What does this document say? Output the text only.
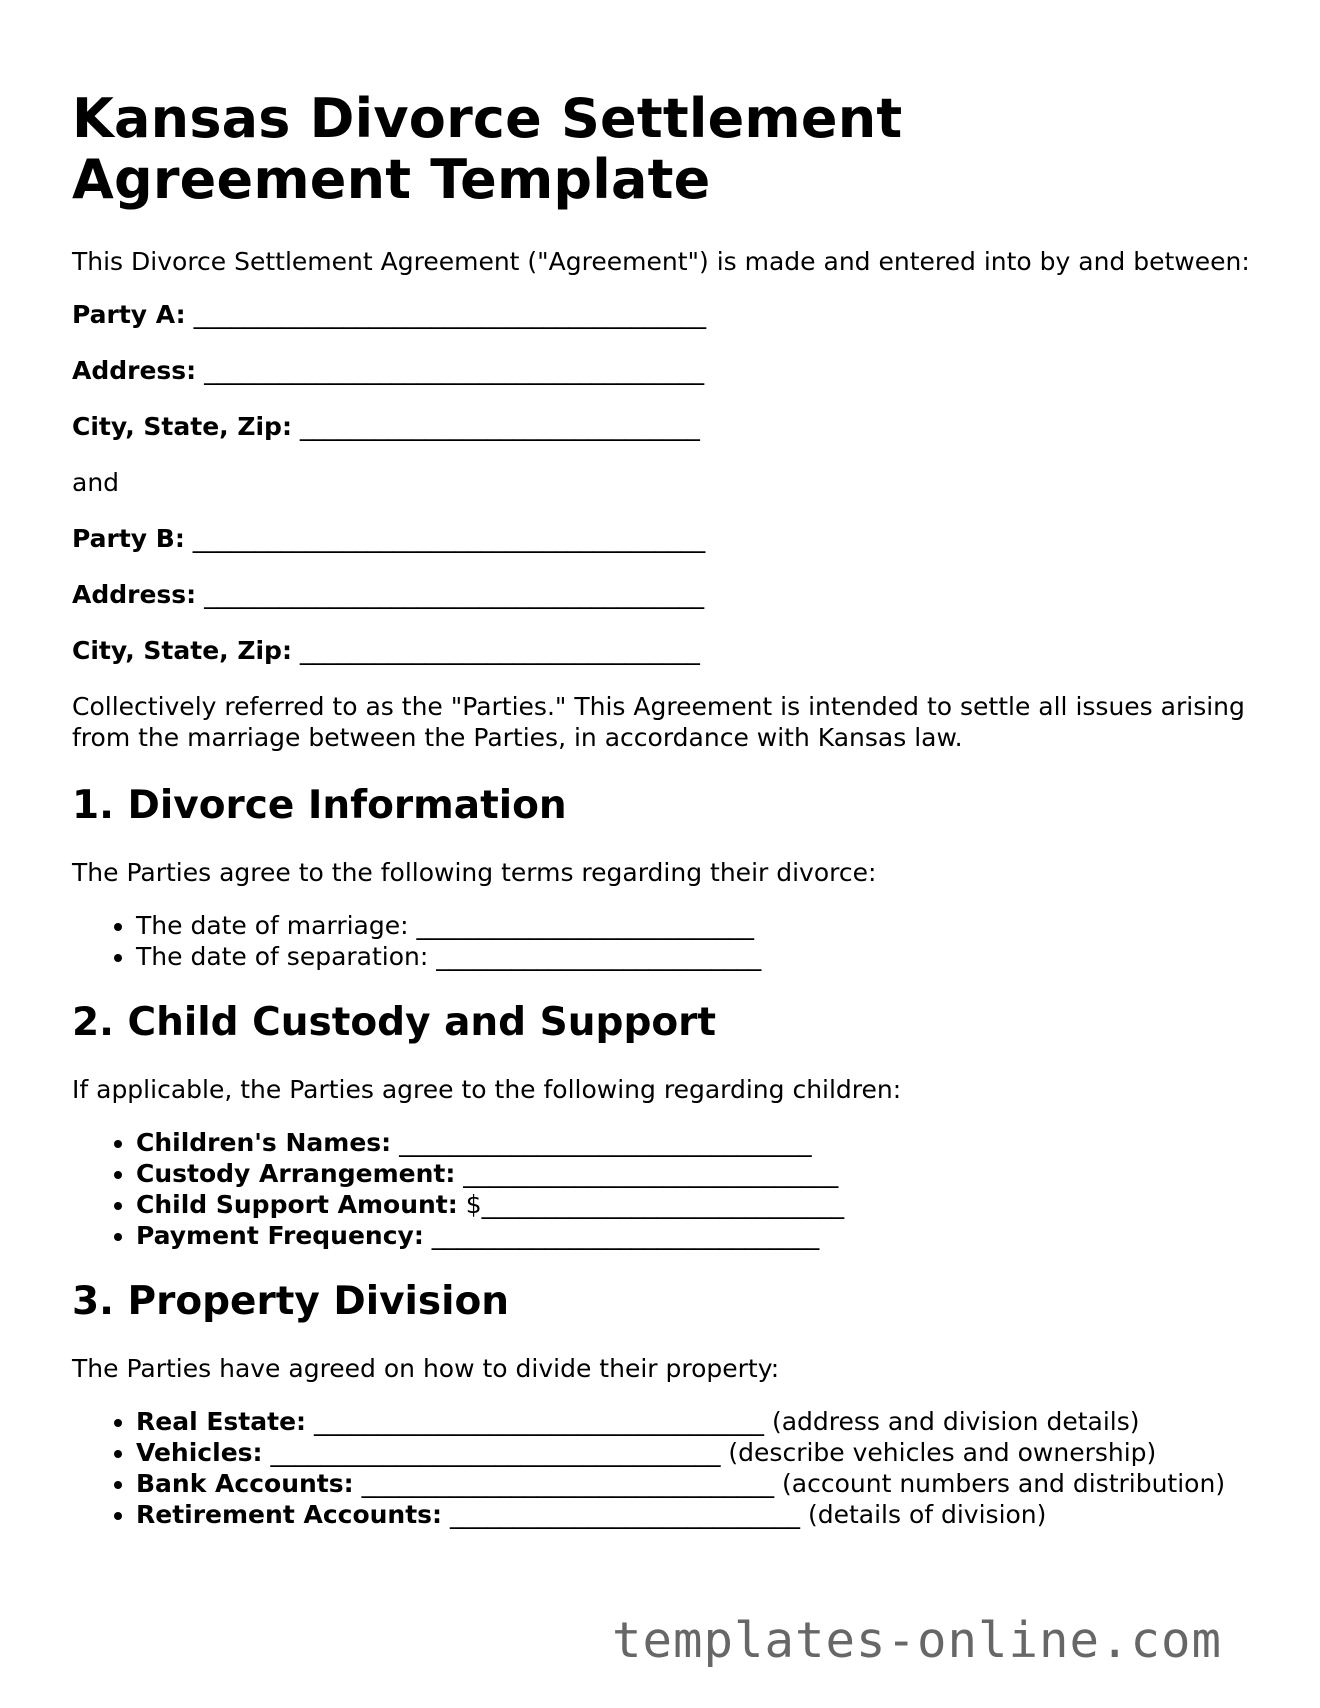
Kansas Divorce Settlement Agreement Template

This Divorce Settlement Agreement ("Agreement") is made and entered into by and between:

Party A: _________________________________________
Address: ________________________________________
City, State, Zip: ________________________________

and

Party B: _________________________________________
Address: ________________________________________
City, State, Zip: ________________________________

Collectively referred to as the "Parties." This Agreement is intended to settle all issues arising from the marriage between the Parties, in accordance with Kansas law.

1. Divorce Information

The Parties agree to the following terms regarding their divorce:

• The date of marriage: ___________________________
• The date of separation: __________________________
2. Child Custody and Support

If applicable, the Parties agree to the following regarding children:

• Children's Names: _________________________________
• Custody Arrangement: ______________________________
• Child Support Amount: $_____________________________
• Payment Frequency: _______________________________
3. Property Division

The Parties have agreed on how to divide their property:

• Real Estate: ____________________________________ (address and division details)
• Vehicles: ____________________________________ (describe vehicles and ownership)
• Bank Accounts: _________________________________ (account numbers and distribution)
• Retirement Accounts: ____________________________ (details of division)
templates-online.com
